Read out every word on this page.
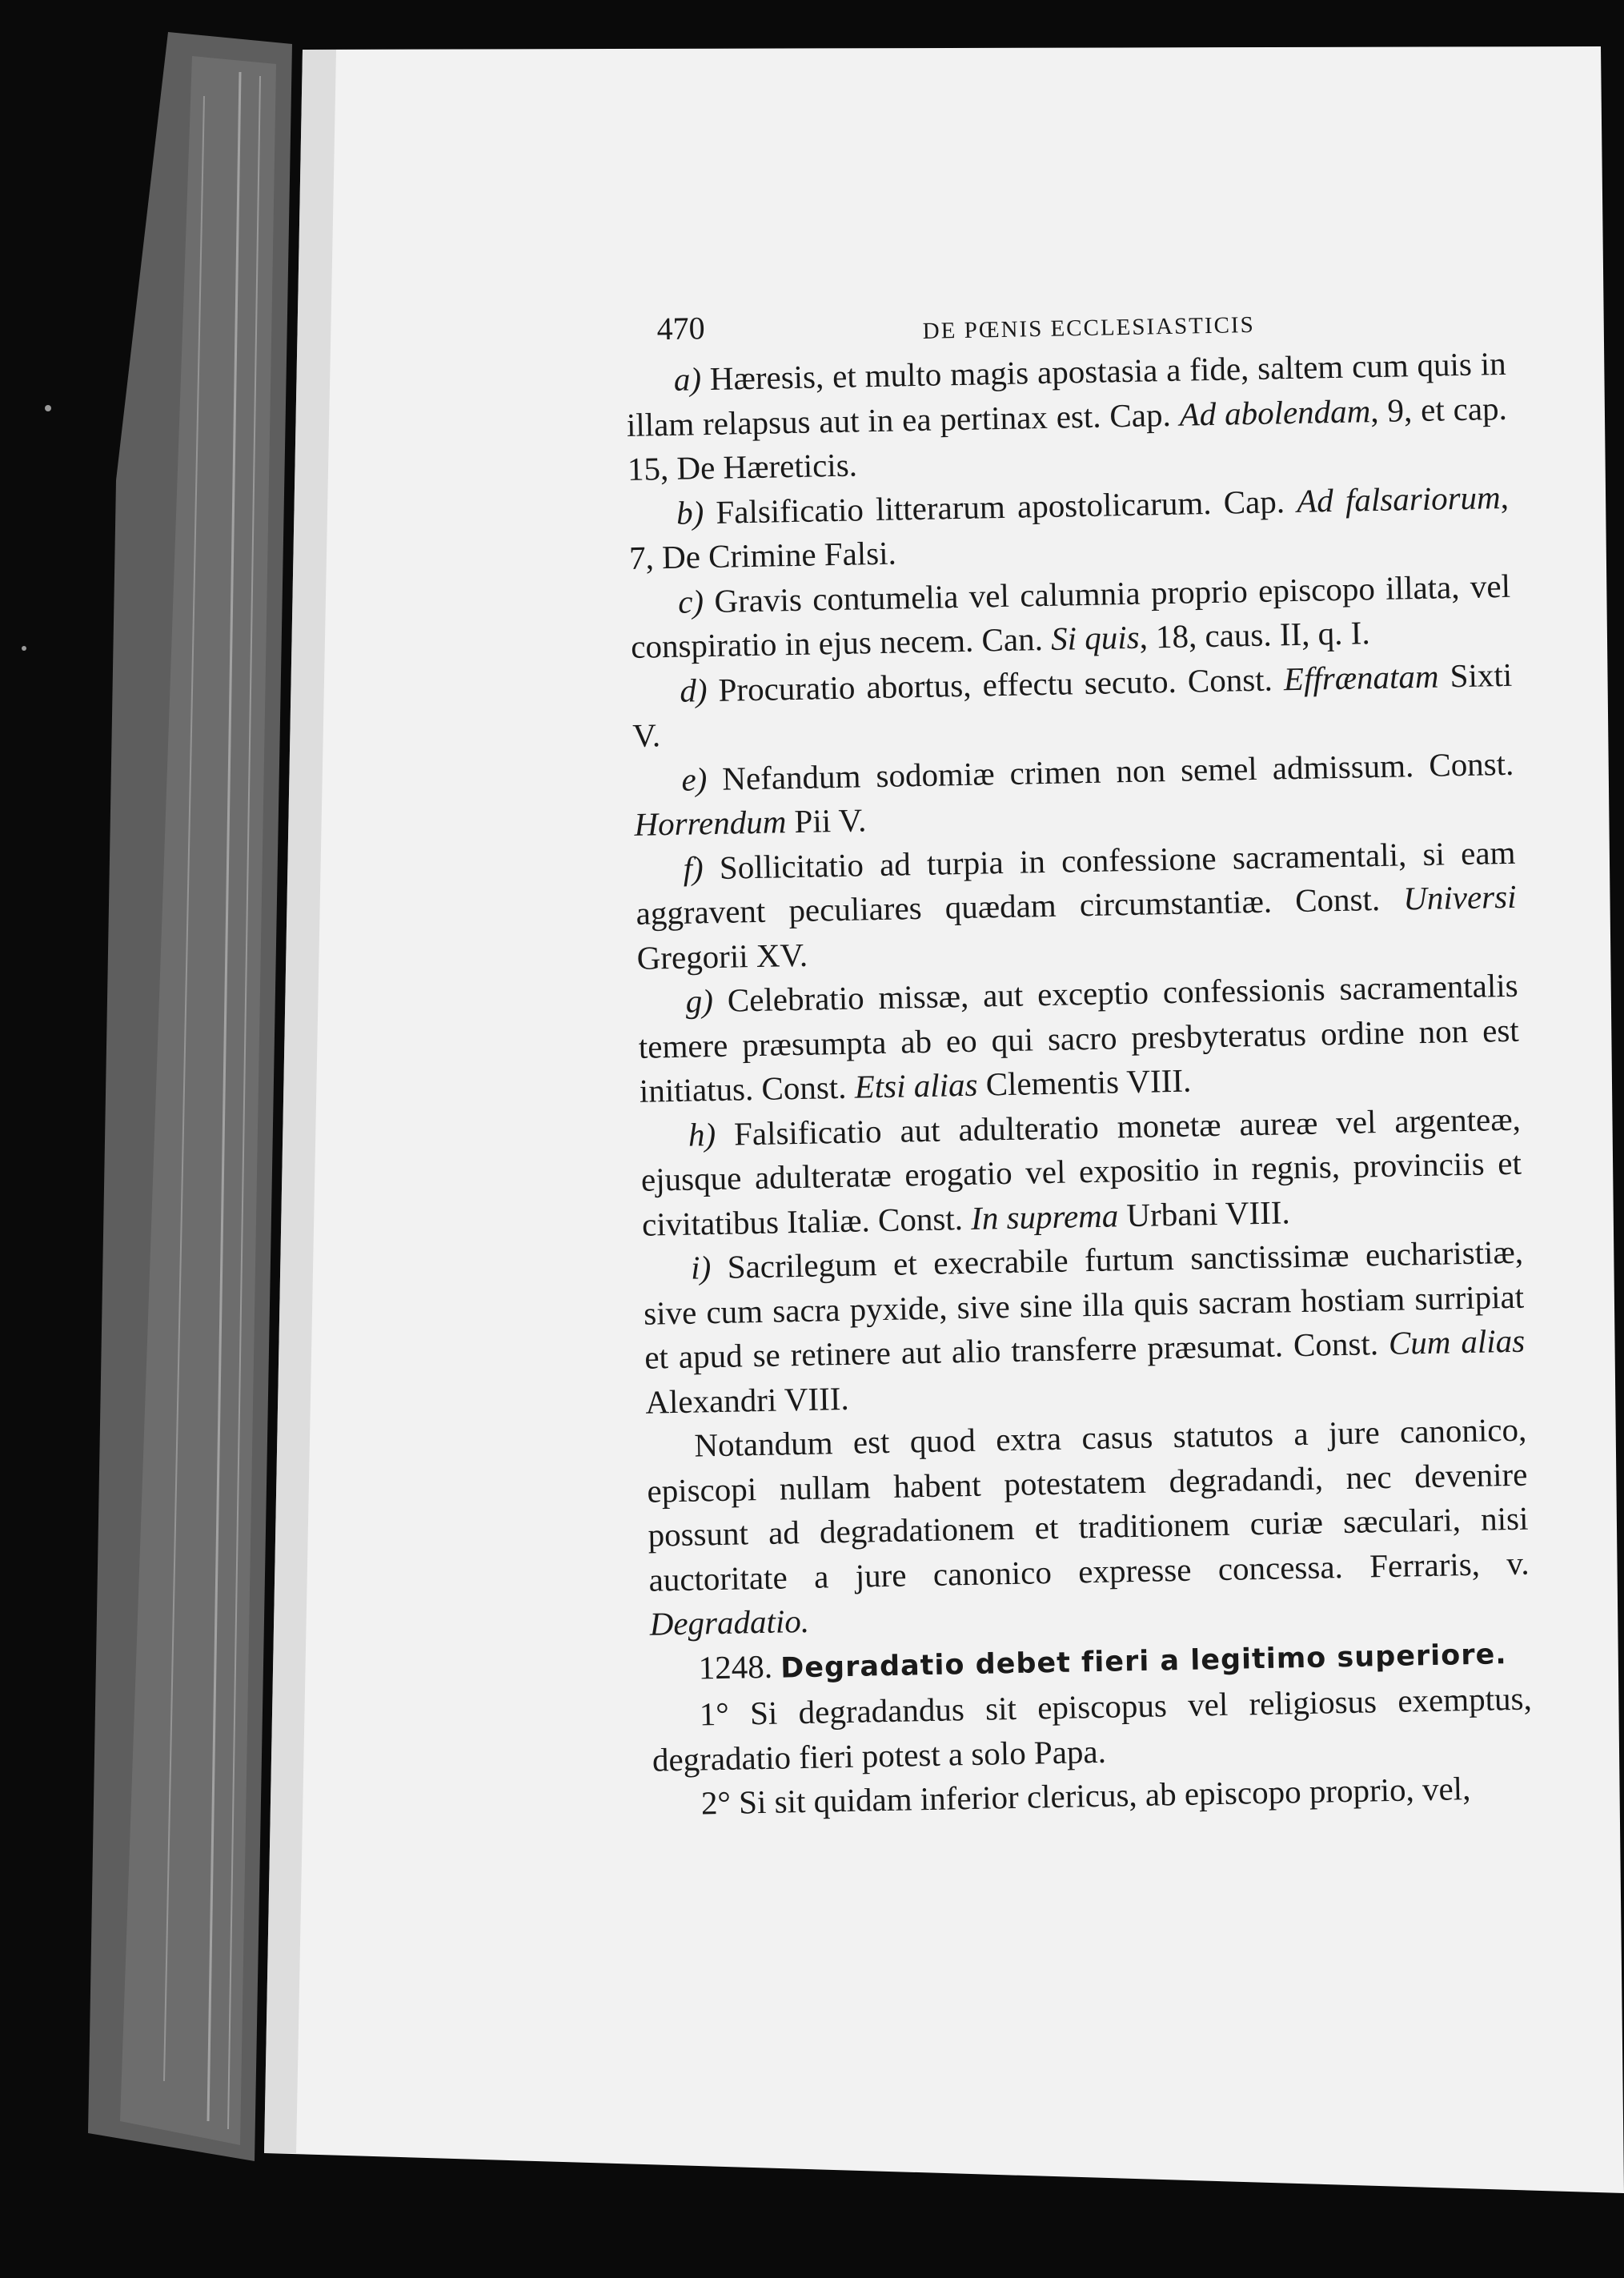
470	DE PŒNIS ECCLESIASTICIS

a) Hæresis, et multo magis apostasia a fide, saltem cum quis in illam relapsus aut in ea pertinax est. Cap. Ad abolendam, 9, et cap. 15, De Hæreticis.

b) Falsificatio litterarum apostolicarum. Cap. Ad falsariorum, 7, De Crimine Falsi.

c) Gravis contumelia vel calumnia proprio episcopo illata, vel conspiratio in ejus necem. Can. Si quis, 18, caus. II, q. I.

d) Procuratio abortus, effectu secuto. Const. Effrænatam Sixti V.

e) Nefandum sodomiæ crimen non semel admissum. Const. Horrendum Pii V.

f) Sollicitatio ad turpia in confessione sacramentali, si eam aggravent peculiares quædam circumstantiæ. Const. Universi Gregorii XV.

g) Celebratio missæ, aut exceptio confessionis sacramentalis temere præsumpta ab eo qui sacro presbyteratus ordine non est initiatus. Const. Etsi alias Clementis VIII.

h) Falsificatio aut adulteratio monetæ aureæ vel argenteæ, ejusque adulteratæ erogatio vel expositio in regnis, provinciis et civitatibus Italiæ. Const. In suprema Urbani VIII.

i) Sacrilegum et execrabile furtum sanctissimæ eucharistiæ, sive cum sacra pyxide, sive sine illa quis sacram hostiam surripiat et apud se retinere aut alio transferre præsumat. Const. Cum alias Alexandri VIII.

Notandum est quod extra casus statutos a jure canonico, episcopi nullam habent potestatem degradandi, nec devenire possunt ad degradationem et traditionem curiæ sæculari, nisi auctoritate a jure canonico expresse concessa. Ferraris, v. Degradatio.

1248. Degradatio debet fieri a legitimo superiore.

1° Si degradandus sit episcopus vel religiosus exemptus, degradatio fieri potest a solo Papa.

2° Si sit quidam inferior clericus, ab episcopo proprio, vel,
